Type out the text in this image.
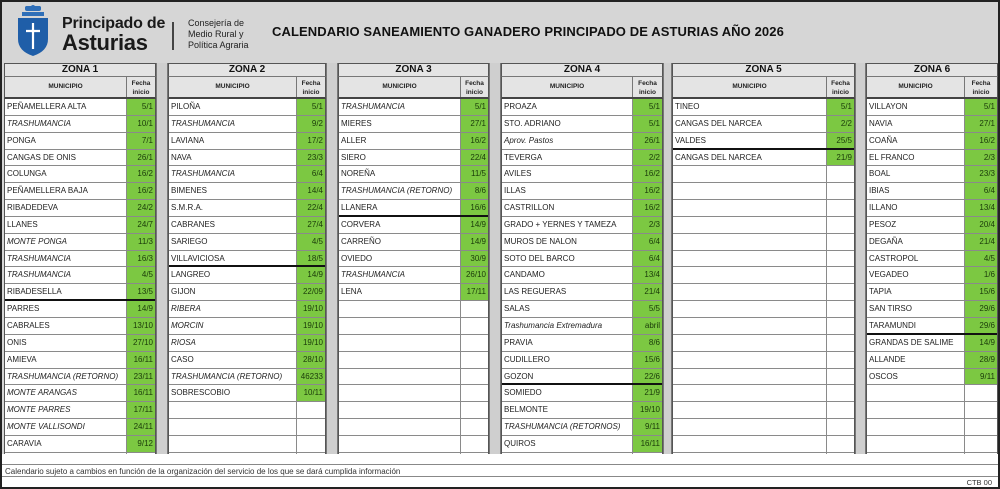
Principado de
Asturias
Consejería de
Medio Rural y
Política Agraria
CALENDARIO SANEAMIENTO GANADERO PRINCIPADO DE ASTURIAS AÑO 2026
ZONA 1
MUNICIPIO	Fecha
inicio
PEÑAMELLERA ALTA	5/1
TRASHUMANCIA	10/1
PONGA	7/1
CANGAS DE ONIS	26/1
COLUNGA	16/2
PEÑAMELLERA BAJA	16/2
RIBADEDEVA	24/2
LLANES	24/7
MONTE PONGA	11/3
TRASHUMANCIA	16/3
TRASHUMANCIA	4/5
RIBADESELLA	13/5
PARRES	14/9
CABRALES	13/10
ONIS	27/10
AMIEVA	16/11
TRASHUMANCIA (RETORNO)	23/11
MONTE ARANGAS	16/11
MONTE PARRES	17/11
MONTE VALLISONDI	24/11
CARAVIA	9/12
ZONA 2
MUNICIPIO	Fecha
inicio
PILOÑA	5/1
TRASHUMANCIA	9/2
LAVIANA	17/2
NAVA	23/3
TRASHUMANCIA	6/4
BIMENES	14/4
S.M.R.A.	22/4
CABRANES	27/4
SARIEGO	4/5
VILLAVICIOSA	18/5
LANGREO	14/9
GIJON	22/09
RIBERA	19/10
MORCIN	19/10
RIOSA	19/10
CASO	28/10
TRASHUMANCIA (RETORNO)	46233
SOBRESCOBIO	10/11
ZONA 3
MUNICIPIO	Fecha
inicio
TRASHUMANCIA	5/1
MIERES	27/1
ALLER	16/2
SIERO	22/4
NOREÑA	11/5
TRASHUMANCIA (RETORNO)	8/6
LLANERA	16/6
CORVERA	14/9
CARREÑO	14/9
OVIEDO	30/9
TRASHUMANCIA	26/10
LENA	17/11
ZONA 4
MUNICIPIO	Fecha
inicio
PROAZA	5/1
STO. ADRIANO	5/1
Aprov. Pastos	26/1
TEVERGA	2/2
AVILES	16/2
ILLAS	16/2
CASTRILLON	16/2
GRADO + YERNES Y TAMEZA	2/3
MUROS DE NALON	6/4
SOTO DEL BARCO	6/4
CANDAMO	13/4
LAS REGUERAS	21/4
SALAS	5/5
Trashumancia Extremadura	abril
PRAVIA	8/6
CUDILLERO	15/6
GOZON	22/6
SOMIEDO	21/9
BELMONTE	19/10
TRASHUMANCIA (RETORNOS)	9/11
QUIROS	16/11
ZONA 5
MUNICIPIO	Fecha
inicio
TINEO	5/1
CANGAS DEL NARCEA	2/2
VALDES	25/5
CANGAS DEL NARCEA	21/9
ZONA 6
MUNICIPIO	Fecha
inicio
VILLAYON	5/1
NAVIA	27/1
COAÑA	16/2
EL FRANCO	2/3
BOAL	23/3
IBIAS	6/4
ILLANO	13/4
PESOZ	20/4
DEGAÑA	21/4
CASTROPOL	4/5
VEGADEO	1/6
TAPIA	15/6
SAN TIRSO	29/6
TARAMUNDI	29/6
GRANDAS DE SALIME	14/9
ALLANDE	28/9
OSCOS	9/11
Calendario sujeto a cambios en función de la organización del servicio de los que se dará cumplida información
CTB 00
